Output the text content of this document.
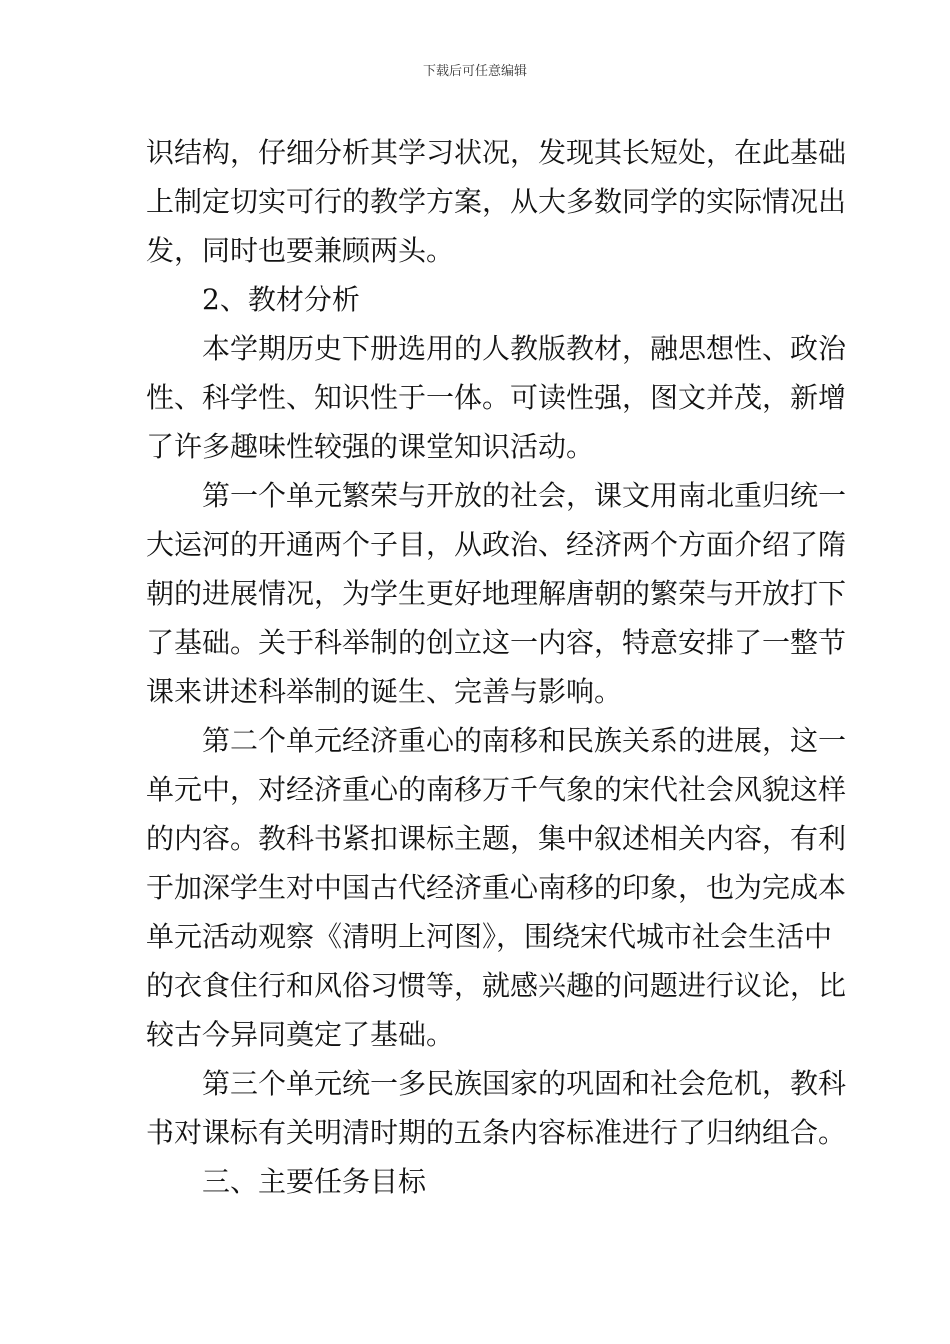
下载后可任意编辑
识结构，仔细分析其学习状况，发现其长短处，在此基础
上制定切实可行的教学方案，从大多数同学的实际情况出
发，同时也要兼顾两头。
2、教材分析
本学期历史下册选用的人教版教材，融思想性、政治
性、科学性、知识性于一体。可读性强，图文并茂，新增
了许多趣味性较强的课堂知识活动。
第一个单元繁荣与开放的社会，课文用南北重归统一
大运河的开通两个子目，从政治、经济两个方面介绍了隋
朝的进展情况，为学生更好地理解唐朝的繁荣与开放打下
了基础。关于科举制的创立这一内容，特意安排了一整节
课来讲述科举制的诞生、完善与影响。
第二个单元经济重心的南移和民族关系的进展，这一
单元中，对经济重心的南移万千气象的宋代社会风貌这样
的内容。教科书紧扣课标主题，集中叙述相关内容，有利
于加深学生对中国古代经济重心南移的印象，也为完成本
单元活动观察《清明上河图》，围绕宋代城市社会生活中
的衣食住行和风俗习惯等，就感兴趣的问题进行议论，比
较古今异同奠定了基础。
第三个单元统一多民族国家的巩固和社会危机，教科
书对课标有关明清时期的五条内容标准进行了归纳组合。
三、主要任务目标
